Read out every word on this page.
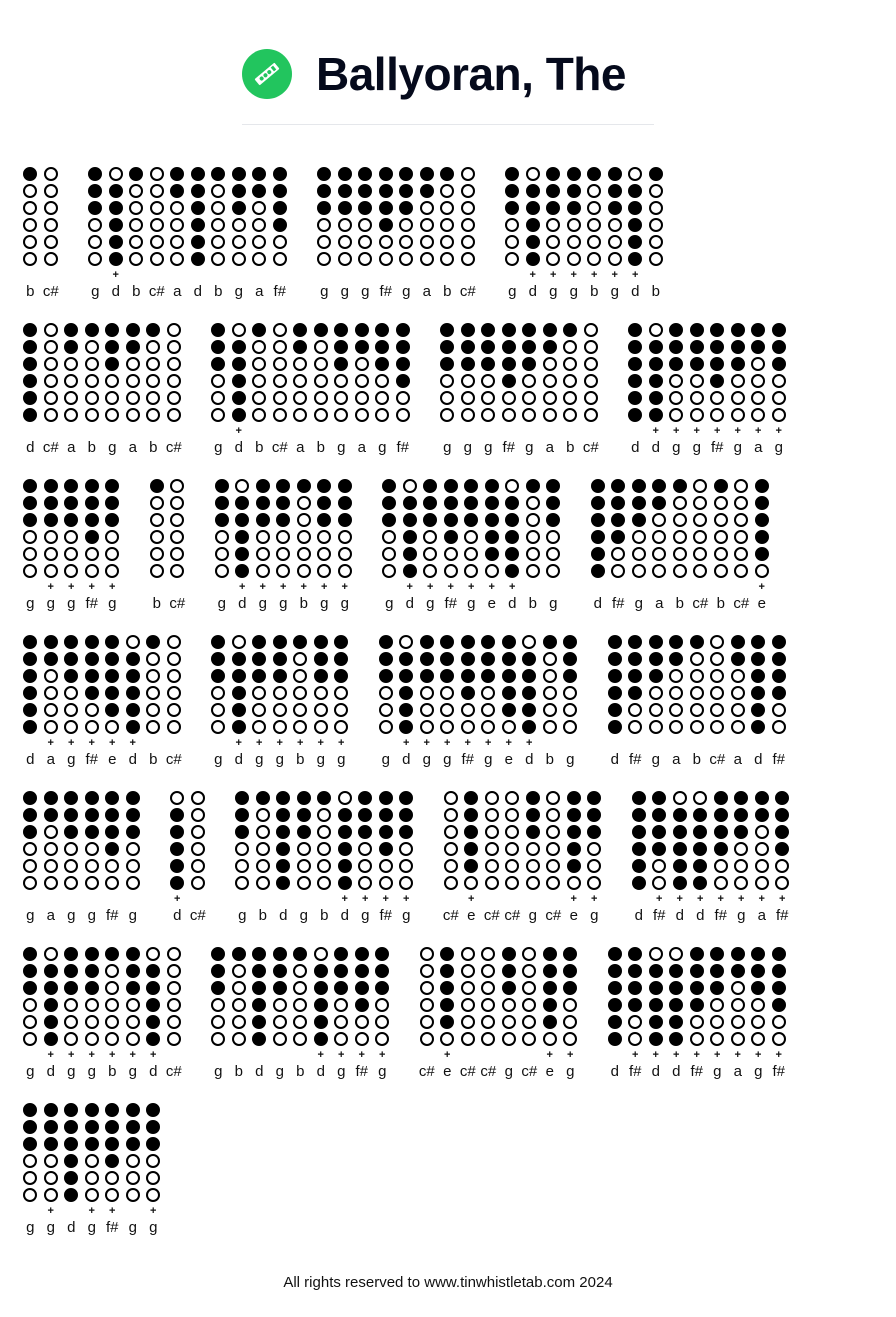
Ballyoran, The
b c# g
+
d b c# a d b g a f# g g g f# g a b c# g
+
d
+
g
+
g
+
b
+
g
+
d b
d c# a b g a b c# g
+
d b c# a b g a g f# g g g f# g a b c# d
+
d
+
g
+
g
+
f#
+
g
+
a
+
g
g
+
g
+
g
+
f#
+
g b c# g
+
d
+
g
+
g
+
b
+
g
+
g g
+
d
+
g
+
f#
+
g
+
e
+
d b g d f# g a b c# b c#
+
e
d
+
a
+
g
+
f#
+
e
+
d b c# g
+
d
+
g
+
g
+
b
+
g
+
g g
+
d
+
g
+
g
+
f#
+
g
+
e
+
d b g d f# g a b c# a d f#
g a g g f# g
+
d c# g b d g b
+
d
+
g
+
f#
+
g c#
+
e c# c# g c#
+
e
+
g d
+
f#
+
d
+
d
+
f#
+
g
+
a
+
f#
g
+
d
+
g
+
g
+
b
+
g
+
d c# g b d g b
+
d
+
g
+
f#
+
g c#
+
e c# c# g c#
+
e
+
g d
+
f#
+
d
+
d
+
f#
+
g
+
a
+
g
+
f#
g
+
g d
+
g
+
f# g
+
g
All rights reserved to www.tinwhistletab.com 2024
